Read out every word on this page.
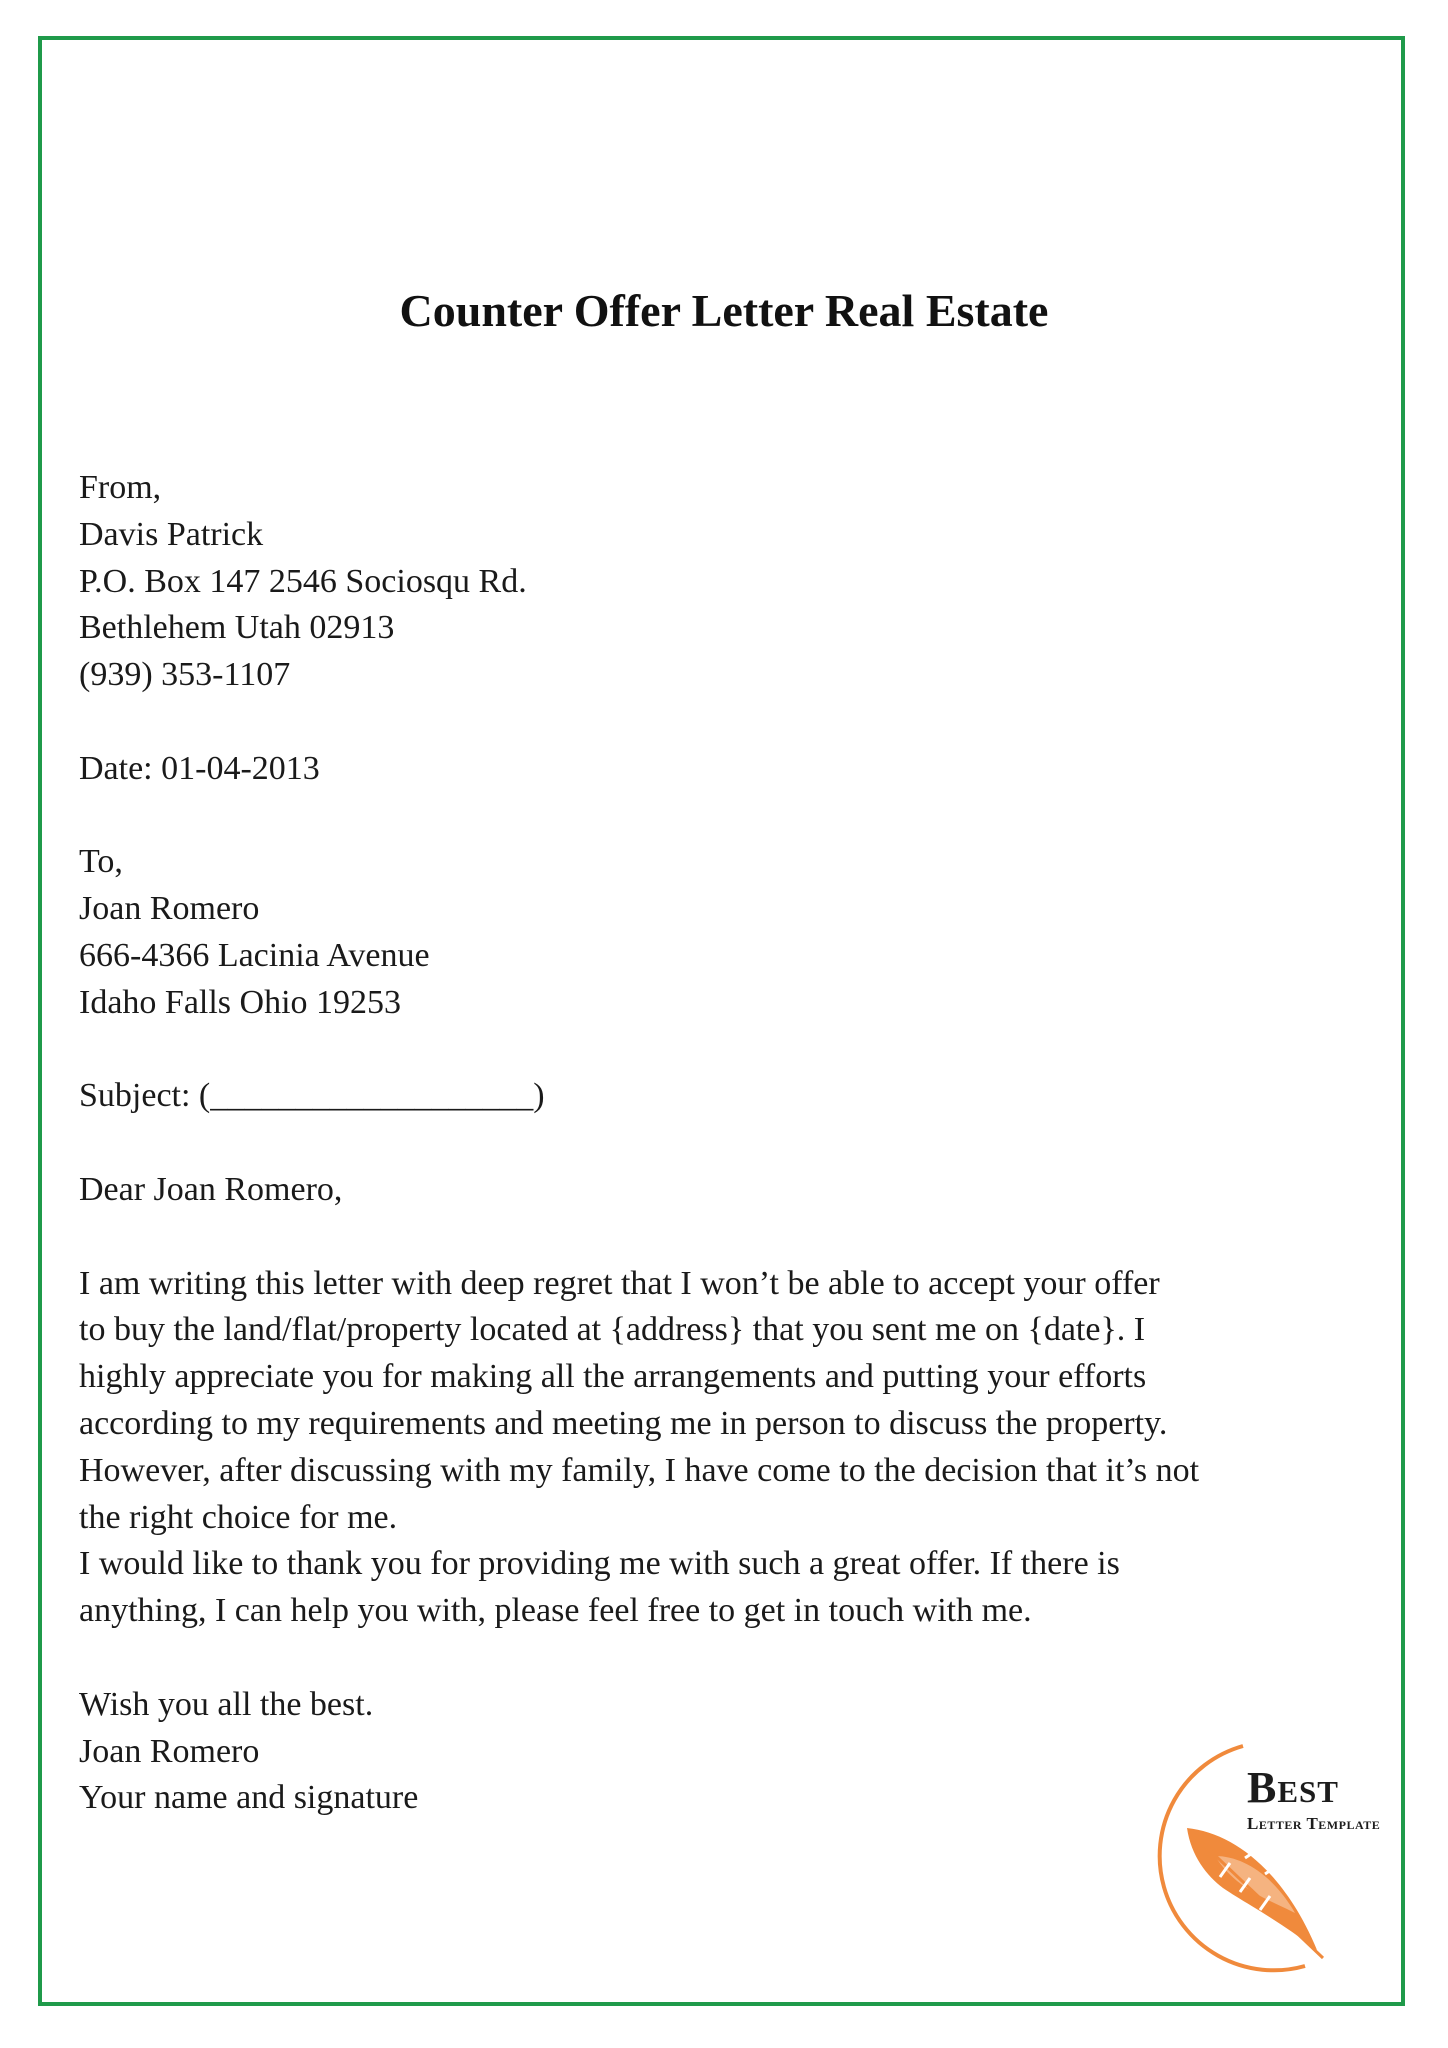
Counter Offer Letter Real Estate
From,
Davis Patrick
P.O. Box 147 2546 Sociosqu Rd.
Bethlehem Utah 02913
(939) 353-1107
Date: 01-04-2013
To,
Joan Romero
666-4366 Lacinia Avenue
Idaho Falls Ohio 19253
Subject: (___________________)
Dear Joan Romero,
I am writing this letter with deep regret that I won’t be able to accept your offer
to buy the land/flat/property located at {address} that you sent me on {date}. I
highly appreciate you for making all the arrangements and putting your efforts
according to my requirements and meeting me in person to discuss the property.
However, after discussing with my family, I have come to the decision that it’s not
the right choice for me.
I would like to thank you for providing me with such a great offer. If there is
anything, I can help you with, please feel free to get in touch with me.
Wish you all the best.
Joan Romero
Your name and signature	Best
Letter Template
